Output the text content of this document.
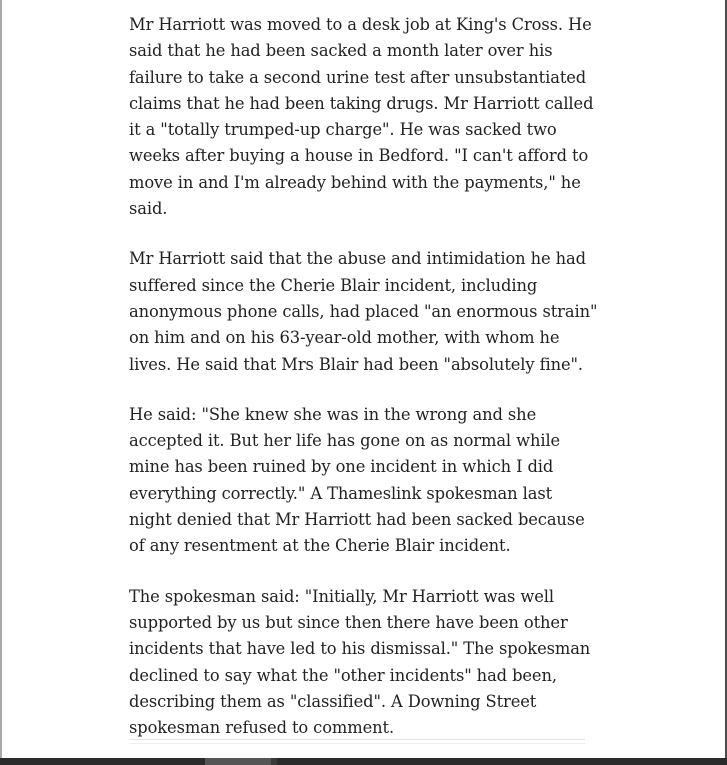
Mr Harriott was moved to a desk job at King's Cross. He said that he had been sacked a month later over his failure to take a second urine test after unsubstantiated claims that he had been taking drugs. Mr Harriott called it a "totally trumped-up charge". He was sacked two weeks after buying a house in Bedford. "I can't afford to move in and I'm already behind with the payments," he said.

Mr Harriott said that the abuse and intimidation he had suffered since the Cherie Blair incident, including anonymous phone calls, had placed "an enormous strain" on him and on his 63-year-old mother, with whom he lives. He said that Mrs Blair had been "absolutely fine".

He said: "She knew she was in the wrong and she accepted it. But her life has gone on as normal while mine has been ruined by one incident in which I did everything correctly." A Thameslink spokesman last night denied that Mr Harriott had been sacked because of any resentment at the Cherie Blair incident.

The spokesman said: "Initially, Mr Harriott was well supported by us but since then there have been other incidents that have led to his dismissal." The spokesman declined to say what the "other incidents" had been, describing them as "classified". A Downing Street spokesman refused to comment.
